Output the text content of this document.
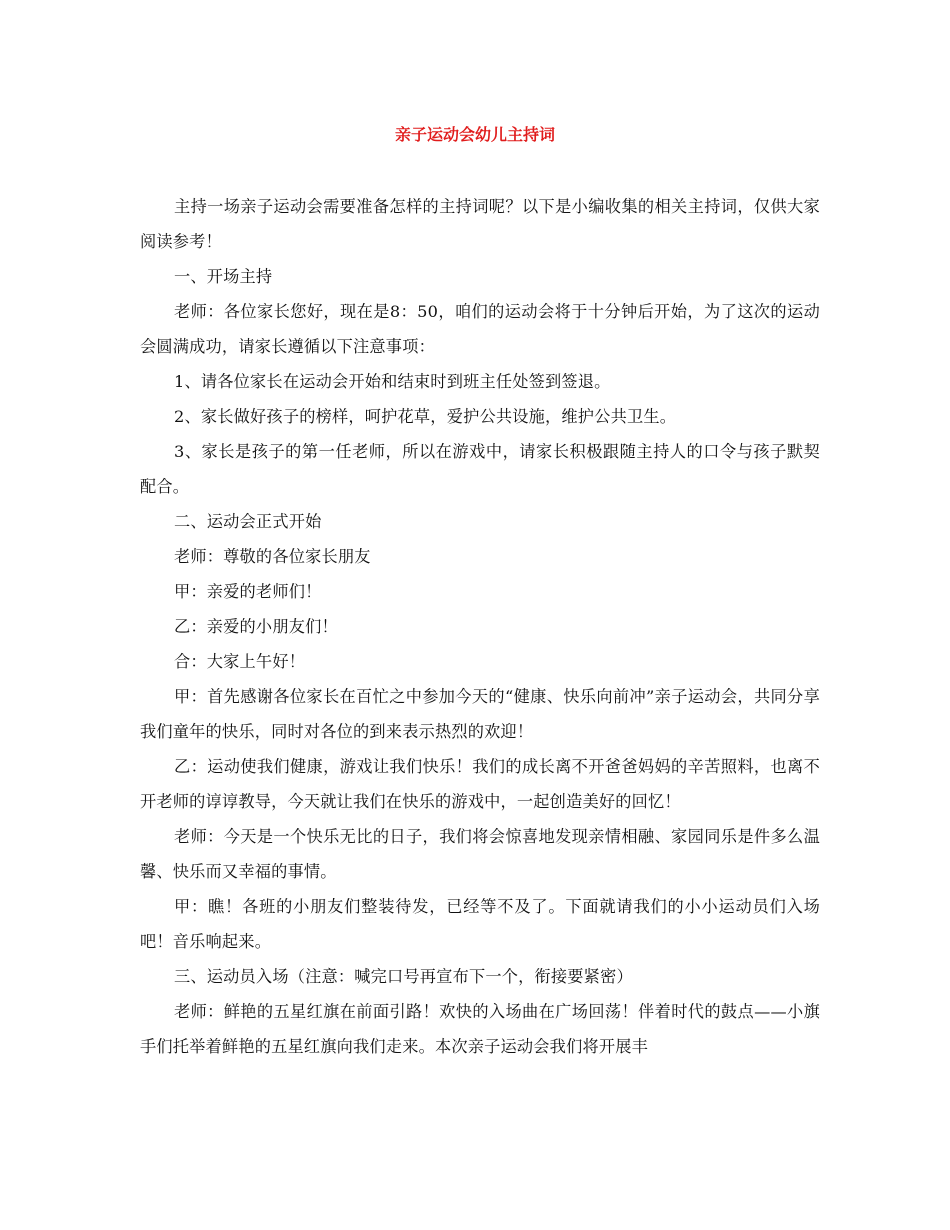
亲子运动会幼儿主持词

主持一场亲子运动会需要准备怎样的主持词呢？以下是小编收集的相关主持词，仅供大家阅读参考！

一、开场主持

老师：各位家长您好，现在是8：50，咱们的运动会将于十分钟后开始，为了这次的运动会圆满成功，请家长遵循以下注意事项：

1、请各位家长在运动会开始和结束时到班主任处签到签退。

2、家长做好孩子的榜样，呵护花草，爱护公共设施，维护公共卫生。

3、家长是孩子的第一任老师，所以在游戏中，请家长积极跟随主持人的口令与孩子默契配合。

二、运动会正式开始

老师：尊敬的各位家长朋友

甲：亲爱的老师们！

乙：亲爱的小朋友们！

合：大家上午好！

甲：首先感谢各位家长在百忙之中参加今天的“健康、快乐向前冲”亲子运动会，共同分享我们童年的快乐，同时对各位的到来表示热烈的欢迎！

乙：运动使我们健康，游戏让我们快乐！我们的成长离不开爸爸妈妈的辛苦照料，也离不开老师的谆谆教导，今天就让我们在快乐的游戏中，一起创造美好的回忆！

老师：今天是一个快乐无比的日子，我们将会惊喜地发现亲情相融、家园同乐是件多么温馨、快乐而又幸福的事情。

甲：瞧！各班的小朋友们整装待发，已经等不及了。下面就请我们的小小运动员们入场吧！音乐响起来。

三、运动员入场（注意：喊完口号再宣布下一个，衔接要紧密）

老师：鲜艳的五星红旗在前面引路！欢快的入场曲在广场回荡！伴着时代的鼓点——小旗手们托举着鲜艳的五星红旗向我们走来。本次亲子运动会我们将开展丰
